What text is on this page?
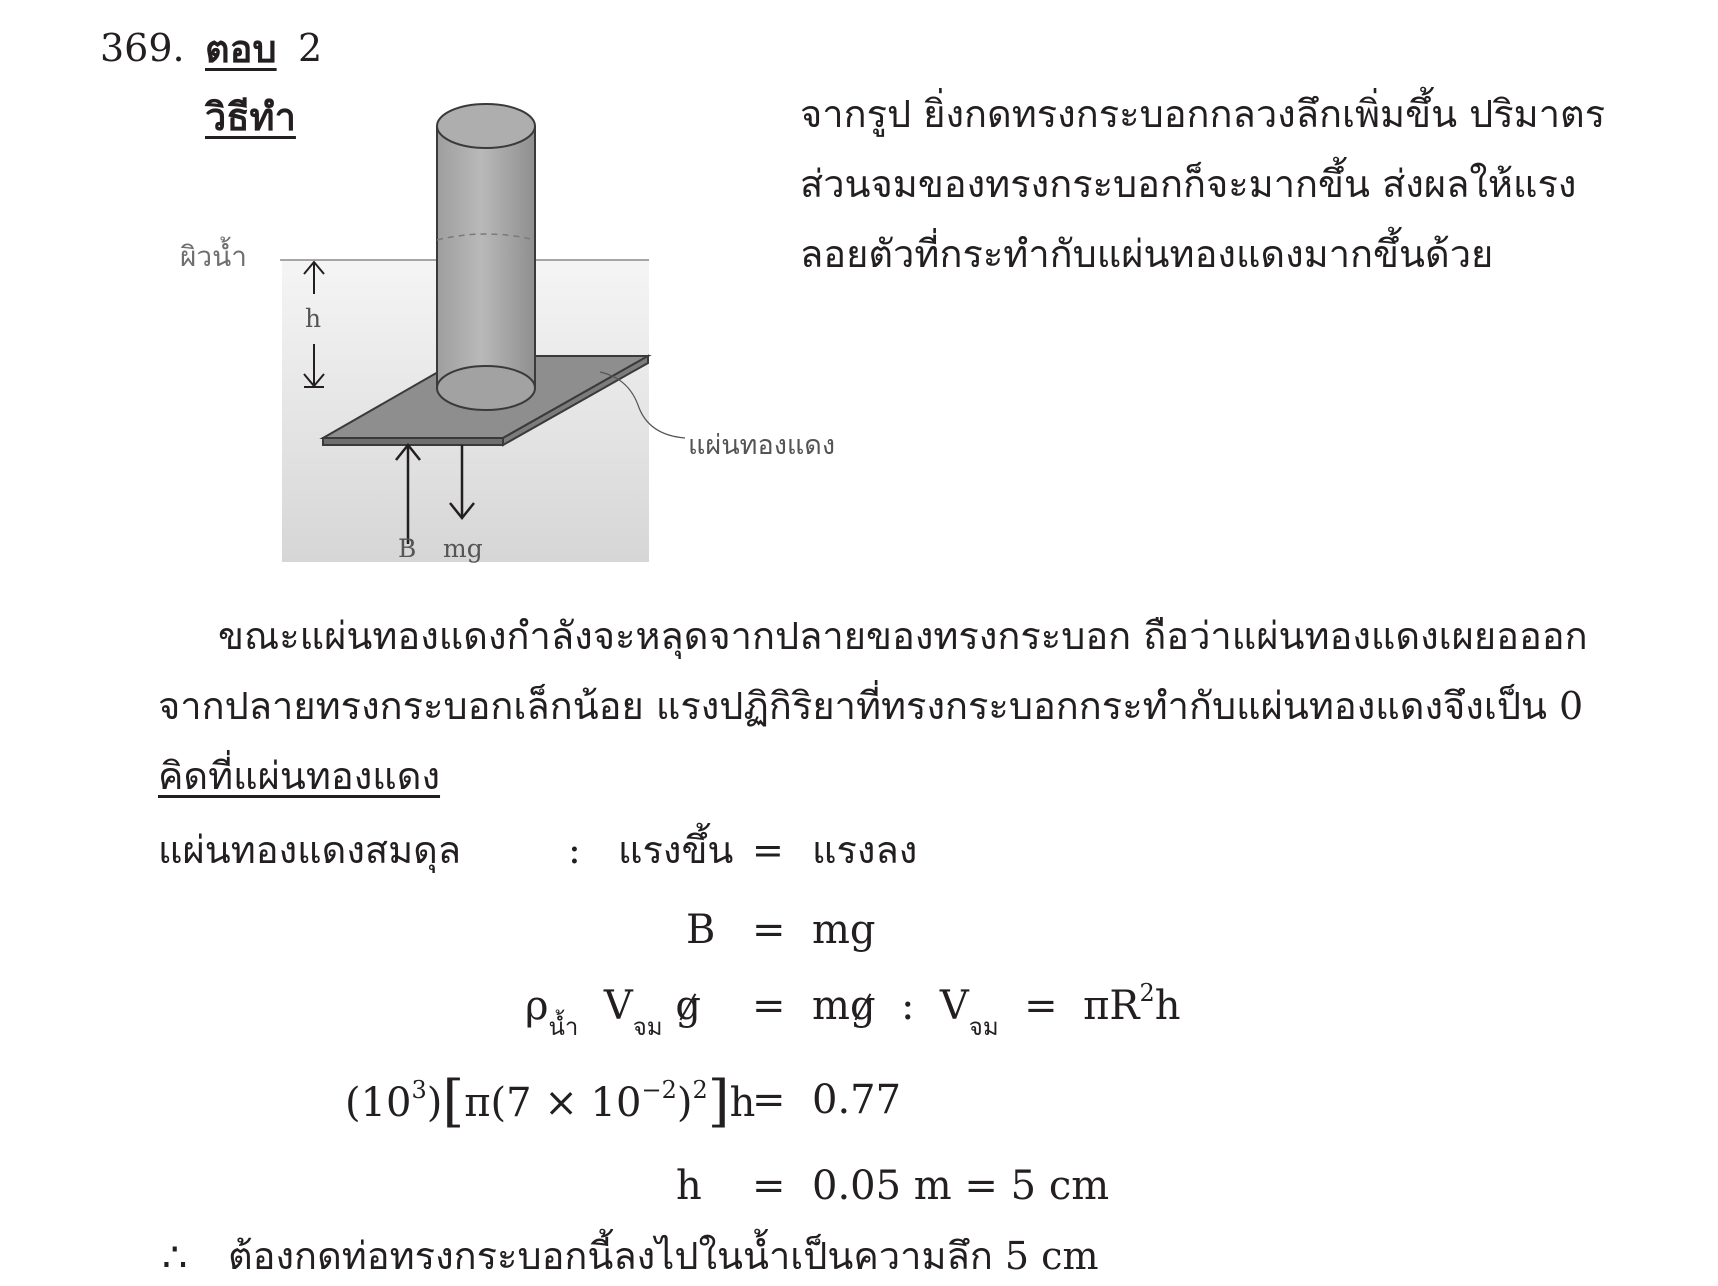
369. ตอบ 2
วิธีทำ
ผิวน้ำ
h
แผ่นทองแดง
B mg
จากรูป ยิ่งกดทรงกระบอกกลวงลึกเพิ่มขึ้น ปริมาตร
ส่วนจมของทรงกระบอกก็จะมากขึ้น ส่งผลให้แรง
ลอยตัวที่กระทำกับแผ่นทองแดงมากขึ้นด้วย
ขณะแผ่นทองแดงกำลังจะหลุดจากปลายของทรงกระบอก ถือว่าแผ่นทองแดงเผยอออก
จากปลายทรงกระบอกเล็กน้อย แรงปฏิกิริยาที่ทรงกระบอกกระทำกับแผ่นทองแดงจึงเป็น 0
คิดที่แผ่นทองแดง
แผ่นทองแดงสมดุล	: แรงขึ้น = แรงลง
B = mg
$\rho_{น้ำ}$ $V_{จม}$ g = mg : $V_{จม} = \pi R^2h$
$(10^3)[\pi(7 \times 10^{-2})^2]h$
= 0.77
h = 0.05 m = 5 cm
∴ ต้องกดท่อทรงกระบอกนี้ลงไปในน้ำเป็นความลึก 5 cm
